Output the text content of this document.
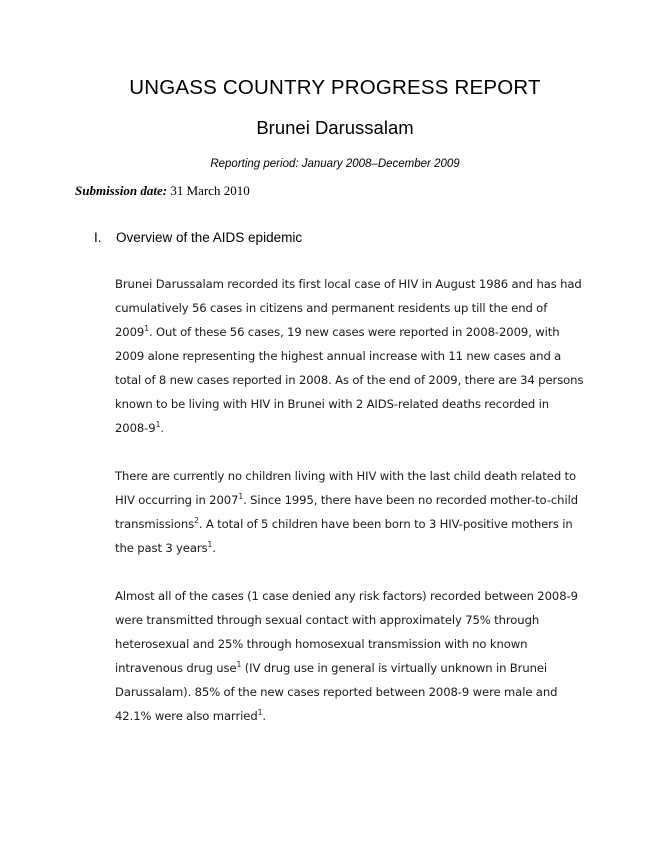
UNGASS COUNTRY PROGRESS REPORT
Brunei Darussalam
Reporting period: January 2008–December 2009
Submission date: 31 March 2010
I.	Overview of the AIDS epidemic

Brunei Darussalam recorded its first local case of HIV in August 1986 and has had cumulatively 56 cases in citizens and permanent residents up till the end of 2009$^1$. Out of these 56 cases, 19 new cases were reported in 2008-2009, with 2009 alone representing the highest annual increase with 11 new cases and a total of 8 new cases reported in 2008. As of the end of 2009, there are 34 persons known to be living with HIV in Brunei with 2 AIDS-related deaths recorded in 2008-9$^1$.

There are currently no children living with HIV with the last child death related to HIV occurring in 2007$^1$. Since 1995, there have been no recorded mother-to-child transmissions$^2$. A total of 5 children have been born to 3 HIV-positive mothers in the past 3 years$^1$.

Almost all of the cases (1 case denied any risk factors) recorded between 2008-9 were transmitted through sexual contact with approximately 75% through heterosexual and 25% through homosexual transmission with no known intravenous drug use$^1$ (IV drug use in general is virtually unknown in Brunei Darussalam). 85% of the new cases reported between 2008-9 were male and 42.1% were also married$^1$.
